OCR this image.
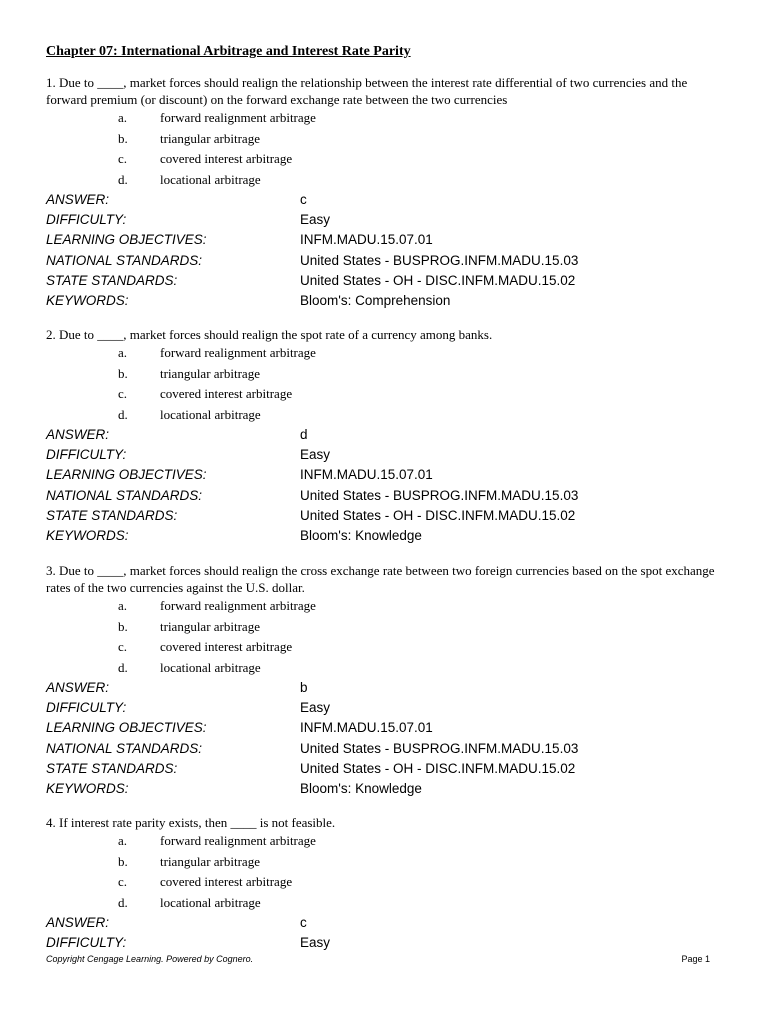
Chapter 07: International Arbitrage and Interest Rate Parity

1. Due to ____, market forces should realign the relationship between the interest rate differential of two currencies and the forward premium (or discount) on the forward exchange rate between the two currencies

a.	forward realignment arbitrage
b. triangular arbitrage
c.	covered interest arbitrage
d. locational arbitrage
ANSWER:	c
DIFFICULTY:	Easy
LEARNING OBJECTIVES:	INFM.MADU.15.07.01
NATIONAL STANDARDS:	United States - BUSPROG.INFM.MADU.15.03
STATE STANDARDS:	United States - OH - DISC.INFM.MADU.15.02
KEYWORDS:	Bloom's: Comprehension

2. Due to ____, market forces should realign the spot rate of a currency among banks.

a.	forward realignment arbitrage
b. triangular arbitrage
c.	covered interest arbitrage
d. locational arbitrage
ANSWER:	d
DIFFICULTY:	Easy
LEARNING OBJECTIVES:	INFM.MADU.15.07.01
NATIONAL STANDARDS:	United States - BUSPROG.INFM.MADU.15.03
STATE STANDARDS:	United States - OH - DISC.INFM.MADU.15.02
KEYWORDS:	Bloom's: Knowledge

3. Due to ____, market forces should realign the cross exchange rate between two foreign currencies based on the spot exchange rates of the two currencies against the U.S. dollar.

a.	forward realignment arbitrage
b. triangular arbitrage
c.	covered interest arbitrage
d. locational arbitrage
ANSWER:	b
DIFFICULTY:	Easy
LEARNING OBJECTIVES:	INFM.MADU.15.07.01
NATIONAL STANDARDS:	United States - BUSPROG.INFM.MADU.15.03
STATE STANDARDS:	United States - OH - DISC.INFM.MADU.15.02
KEYWORDS:	Bloom's: Knowledge

4. If interest rate parity exists, then ____ is not feasible.

a.	forward realignment arbitrage
b. triangular arbitrage
c.	covered interest arbitrage
d. locational arbitrage
ANSWER:	c
DIFFICULTY:	Easy
Copyright Cengage Learning. Powered by Cognero.	Page 1
